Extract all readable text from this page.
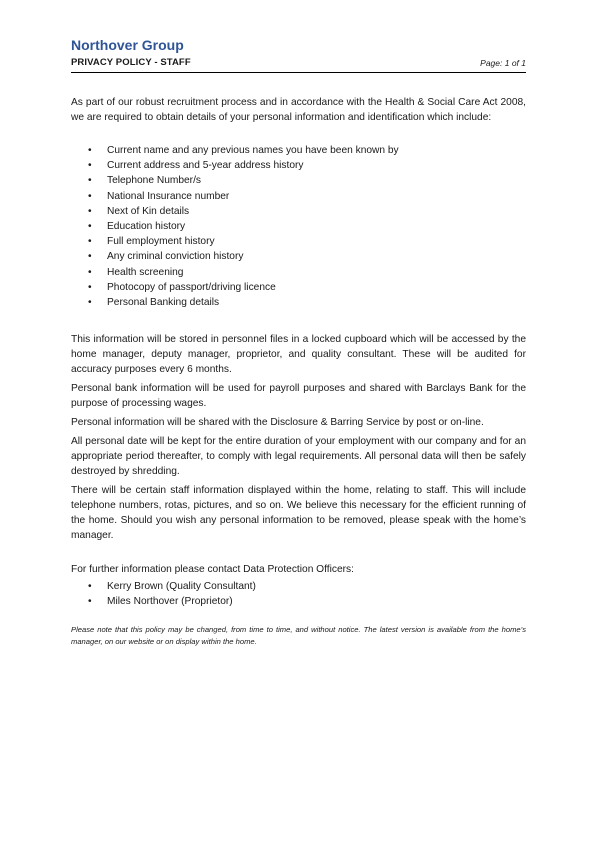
Northover Group
PRIVACY POLICY - STAFF	Page: 1 of 1

As part of our robust recruitment process and in accordance with the Health & Social Care Act 2008, we are required to obtain details of your personal information and identification which include:

• Current name and any previous names you have been known by
• Current address and 5-year address history
• Telephone Number/s
• National Insurance number
• Next of Kin details
• Education history
• Full employment history
• Any criminal conviction history
• Health screening
• Photocopy of passport/driving licence
• Personal Banking details

This information will be stored in personnel files in a locked cupboard which will be accessed by the home manager, deputy manager, proprietor, and quality consultant. These will be audited for accuracy purposes every 6 months.

Personal bank information will be used for payroll purposes and shared with Barclays Bank for the purpose of processing wages.

Personal information will be shared with the Disclosure & Barring Service by post or on-line.

All personal date will be kept for the entire duration of your employment with our company and for an appropriate period thereafter, to comply with legal requirements. All personal data will then be safely destroyed by shredding.

There will be certain staff information displayed within the home, relating to staff. This will include telephone numbers, rotas, pictures, and so on. We believe this necessary for the efficient running of the home. Should you wish any personal information to be removed, please speak with the home’s manager.

For further information please contact Data Protection Officers:

• Kerry Brown (Quality Consultant)
• Miles Northover (Proprietor)

Please note that this policy may be changed, from time to time, and without notice. The latest version is available from the home’s manager, on our website or on display within the home.
